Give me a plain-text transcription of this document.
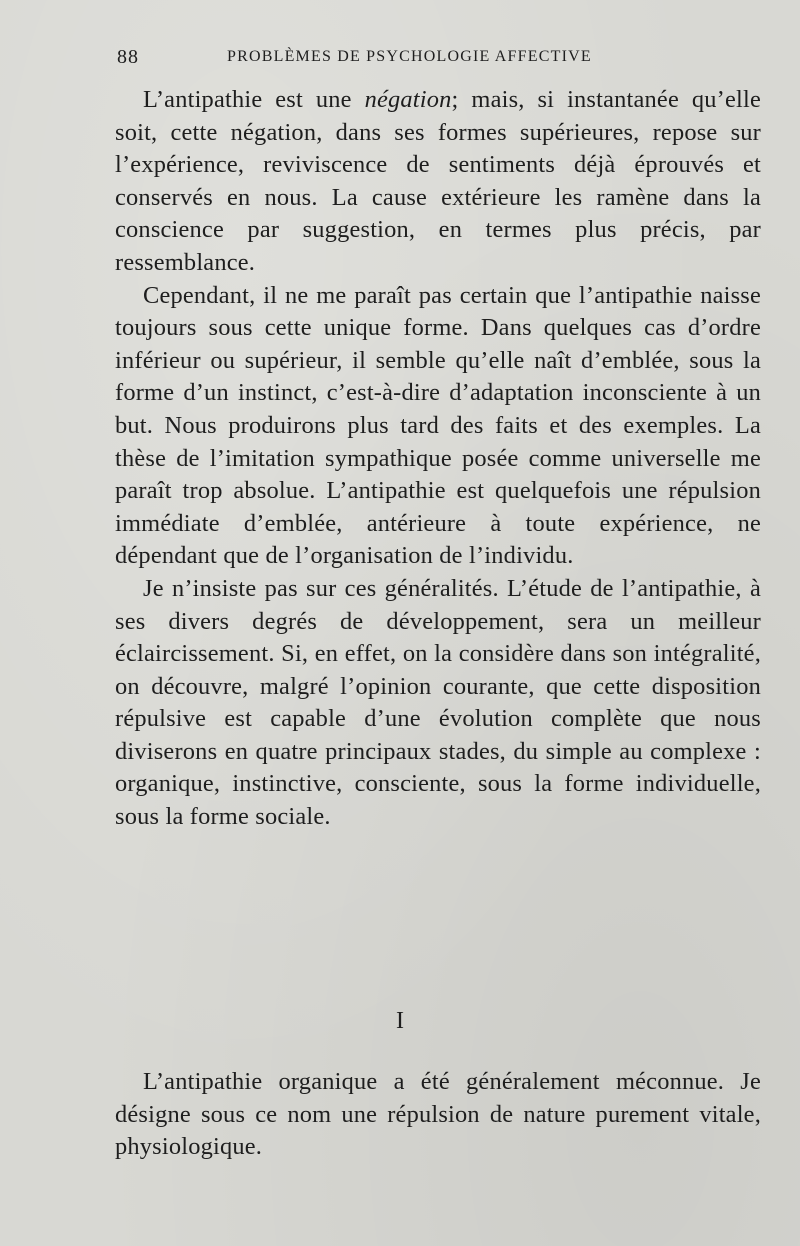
88	PROBLÈMES DE PSYCHOLOGIE AFFECTIVE

L’antipathie est une négation; mais, si instantanée qu’elle soit, cette négation, dans ses formes supérieures, repose sur l’expérience, reviviscence de sentiments déjà éprouvés et conservés en nous. La cause extérieure les ramène dans la conscience par suggestion, en termes plus précis, par ressemblance.

Cependant, il ne me paraît pas certain que l’antipathie naisse toujours sous cette unique forme. Dans quelques cas d’ordre inférieur ou supérieur, il semble qu’elle naît d’emblée, sous la forme d’un instinct, c’est-à-dire d’adaptation inconsciente à un but. Nous produirons plus tard des faits et des exemples. La thèse de l’imitation sympathique posée comme universelle me paraît trop absolue. L’antipathie est quelquefois une répulsion immédiate d’emblée, antérieure à toute expérience, ne dépendant que de l’organisation de l’individu.

Je n’insiste pas sur ces généralités. L’étude de l’antipathie, à ses divers degrés de développement, sera un meilleur éclaircissement. Si, en effet, on la considère dans son intégralité, on découvre, malgré l’opinion courante, que cette disposition répulsive est capable d’une évolution complète que nous diviserons en quatre principaux stades, du simple au complexe : organique, instinctive, consciente, sous la forme individuelle, sous la forme sociale.

I

L’antipathie organique a été généralement méconnue. Je désigne sous ce nom une répulsion de nature purement vitale, physiologique.
